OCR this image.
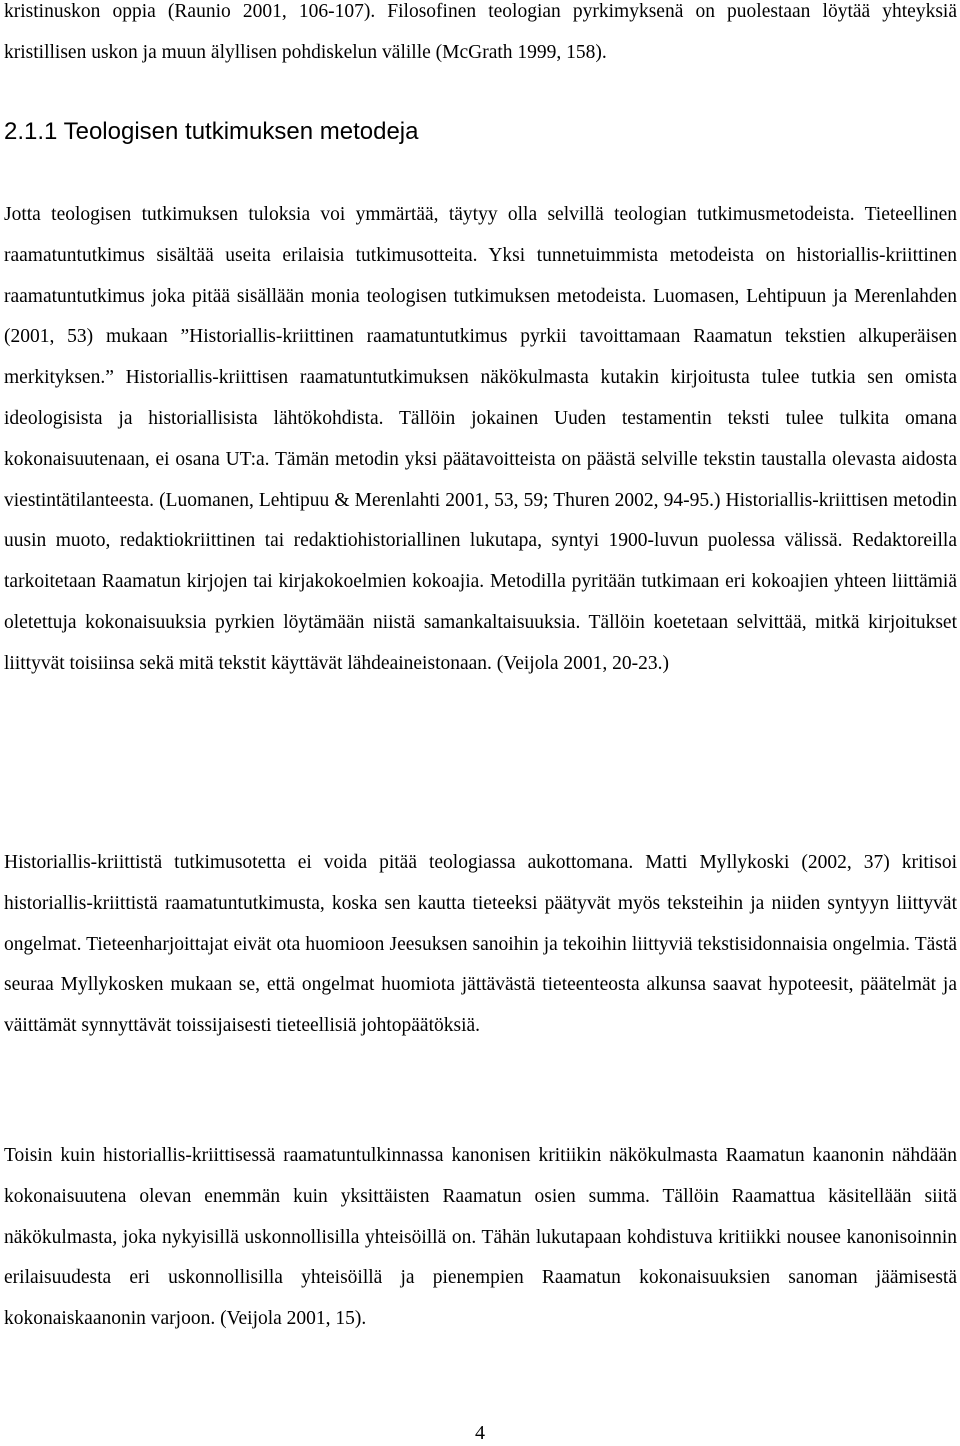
kristinuskon oppia (Raunio 2001, 106-107). Filosofinen teologian pyrkimyksenä on puolestaan löytää yhteyksiä kristillisen uskon ja muun älyllisen pohdiskelun välille (McGrath 1999, 158).

2.1.1 Teologisen tutkimuksen metodeja

Jotta teologisen tutkimuksen tuloksia voi ymmärtää, täytyy olla selvillä teologian tutkimusmetodeista. Tieteellinen raamatuntutkimus sisältää useita erilaisia tutkimusotteita. Yksi tunnetuimmista metodeista on historiallis-kriittinen raamatuntutkimus joka pitää sisällään monia teologisen tutkimuksen metodeista. Luomasen, Lehtipuun ja Merenlahden (2001, 53) mukaan ”Historiallis-kriittinen raamatuntutkimus pyrkii tavoittamaan Raamatun tekstien alkuperäisen merkityksen.” Historiallis-kriittisen raamatuntutkimuksen näkökulmasta kutakin kirjoitusta tulee tutkia sen omista ideologisista ja historiallisista lähtökohdista. Tällöin jokainen Uuden testamentin teksti tulee tulkita omana kokonaisuutenaan, ei osana UT:a. Tämän metodin yksi päätavoitteista on päästä selville tekstin taustalla olevasta aidosta viestintätilanteesta. (Luomanen, Lehtipuu & Merenlahti 2001, 53, 59; Thuren 2002, 94-95.) Historiallis-kriittisen metodin uusin muoto, redaktiokriittinen tai redaktiohistoriallinen lukutapa, syntyi 1900-luvun puolessa välissä. Redaktoreilla tarkoitetaan Raamatun kirjojen tai kirjakokoelmien kokoajia. Metodilla pyritään tutkimaan eri kokoajien yhteen liittämiä oletettuja kokonaisuuksia pyrkien löytämään niistä samankaltaisuuksia. Tällöin koetetaan selvittää, mitkä kirjoitukset liittyvät toisiinsa sekä mitä tekstit käyttävät lähdeaineistonaan. (Veijola 2001, 20-23.)

Historiallis-kriittistä tutkimusotetta ei voida pitää teologiassa aukottomana. Matti Myllykoski (2002, 37) kritisoi historiallis-kriittistä raamatuntutkimusta, koska sen kautta tieteeksi päätyvät myös teksteihin ja niiden syntyyn liittyvät ongelmat. Tieteenharjoittajat eivät ota huomioon Jeesuksen sanoihin ja tekoihin liittyviä tekstisidonnaisia ongelmia. Tästä seuraa Myllykosken mukaan se, että ongelmat huomiota jättävästä tieteenteosta alkunsa saavat hypoteesit, päätelmät ja väittämät synnyttävät toissijaisesti tieteellisiä johtopäätöksiä.

Toisin kuin historiallis-kriittisessä raamatuntulkinnassa kanonisen kritiikin näkökulmasta Raamatun kaanonin nähdään kokonaisuutena olevan enemmän kuin yksittäisten Raamatun osien summa. Tällöin Raamattua käsitellään siitä näkökulmasta, joka nykyisillä uskonnollisilla yhteisöillä on. Tähän lukutapaan kohdistuva kritiikki nousee kanonisoinnin erilaisuudesta eri uskonnollisilla yhteisöillä ja pienempien Raamatun kokonaisuuksien sanoman jäämisestä kokonaiskaanonin varjoon. (Veijola 2001, 15).

4
